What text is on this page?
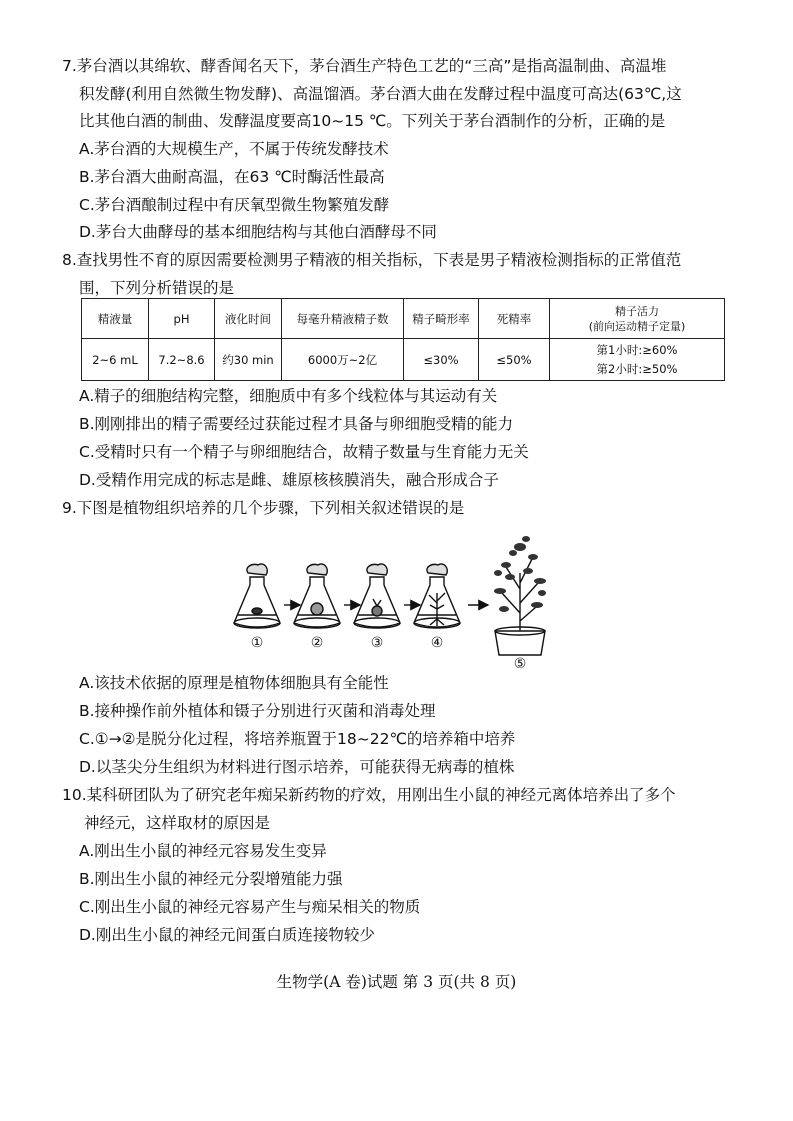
7.茅台酒以其绵软、酵香闻名天下，茅台酒生产特色工艺的“三高”是指高温制曲、高温堆
积发酵(利用自然微生物发酵)、高温馏酒。茅台酒大曲在发酵过程中温度可高达(63℃,这
比其他白酒的制曲、发酵温度要高10~15 ℃。下列关于茅台酒制作的分析，正确的是
A.茅台酒的大规模生产，不属于传统发酵技术
B.茅台酒大曲耐高温，在63 ℃时酶活性最高
C.茅台酒酿制过程中有厌氧型微生物繁殖发酵
D.茅台大曲酵母的基本细胞结构与其他白酒酵母不同
8.查找男性不育的原因需要检测男子精液的相关指标，下表是男子精液检测指标的正常值范
围，下列分析错误的是
精液量	pH	液化时间	每毫升精液精子数	精子畸形率	死精率	精子活力
(前向运动精子定量)

2~6 mL	7.2~8.6	约30 min	6000万~2亿	≤30%	≤50%	第1小时:≥60%
第2小时:≥50%
A.精子的细胞结构完整，细胞质中有多个线粒体与其运动有关
B.刚刚排出的精子需要经过获能过程才具备与卵细胞受精的能力
C.受精时只有一个精子与卵细胞结合，故精子数量与生育能力无关
D.受精作用完成的标志是雌、雄原核核膜消失，融合形成合子
9.下图是植物组织培养的几个步骤，下列相关叙述错误的是
①	②	③	④
⑤
A.该技术依据的原理是植物体细胞具有全能性
B.接种操作前外植体和镊子分别进行灭菌和消毒处理
C.①→②是脱分化过程，将培养瓶置于18~22℃的培养箱中培养
D.以茎尖分生组织为材料进行图示培养，可能获得无病毒的植株
10.某科研团队为了研究老年痴呆新药物的疗效，用刚出生小鼠的神经元离体培养出了多个
神经元，这样取材的原因是
A.刚出生小鼠的神经元容易发生变异
B.刚出生小鼠的神经元分裂增殖能力强
C.刚出生小鼠的神经元容易产生与痴呆相关的物质
D.刚出生小鼠的神经元间蛋白质连接物较少
生物学(A 卷)试题 第 3 页(共 8 页)
